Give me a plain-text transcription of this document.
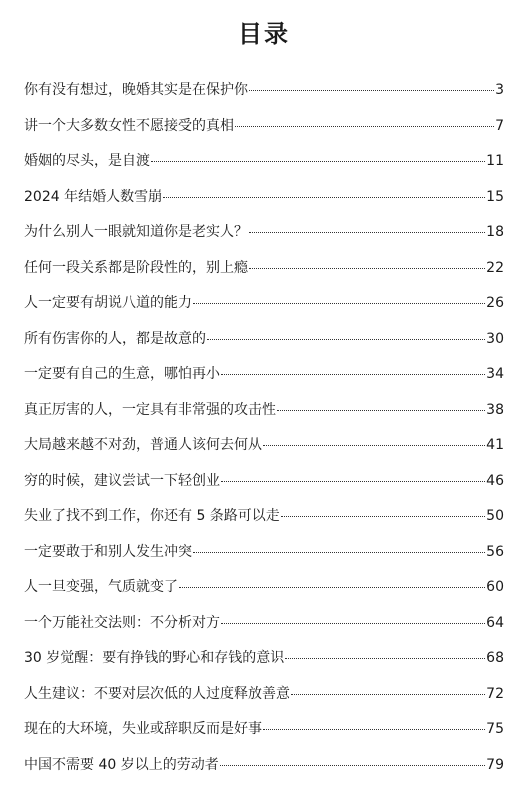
目录
你有没有想过，晚婚其实是在保护你	3
讲一个大多数女性不愿接受的真相	7
婚姻的尽头，是自渡	11
2024 年结婚人数雪崩	15
为什么别人一眼就知道你是老实人？	18
任何一段关系都是阶段性的，别上瘾	22
人一定要有胡说八道的能力	26
所有伤害你的人，都是故意的	30
一定要有自己的生意，哪怕再小	34
真正厉害的人，一定具有非常强的攻击性	38
大局越来越不对劲，普通人该何去何从	41
穷的时候，建议尝试一下轻创业	46
失业了找不到工作，你还有 5 条路可以走	50
一定要敢于和别人发生冲突	56
人一旦变强，气质就变了	60
一个万能社交法则：不分析对方	64
30 岁觉醒：要有挣钱的野心和存钱的意识	68
人生建议：不要对层次低的人过度释放善意	72
现在的大环境，失业或辞职反而是好事	75
中国不需要 40 岁以上的劳动者	79
